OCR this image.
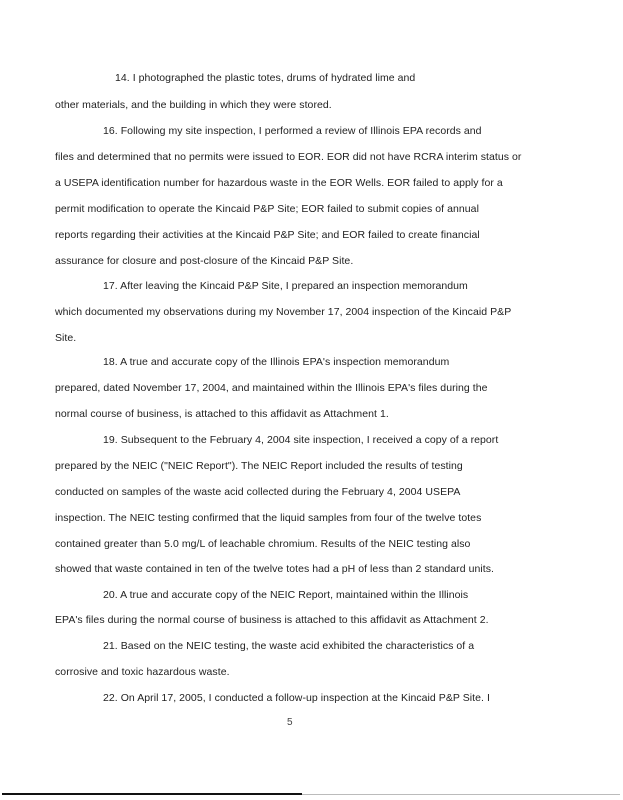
14. I photographed the plastic totes, drums of hydrated lime and
other materials, and the building in which they were stored.
16. Following my site inspection, I performed a review of Illinois EPA records and
files and determined that no permits were issued to EOR. EOR did not have RCRA interim status or
a USEPA identification number for hazardous waste in the EOR Wells. EOR failed to apply for a
permit modification to operate the Kincaid P&P Site; EOR failed to submit copies of annual
reports regarding their activities at the Kincaid P&P Site; and EOR failed to create financial
assurance for closure and post-closure of the Kincaid P&P Site.
17. After leaving the Kincaid P&P Site, I prepared an inspection memorandum
which documented my observations during my November 17, 2004 inspection of the Kincaid P&P
Site.
18. A true and accurate copy of the Illinois EPA's inspection memorandum
prepared, dated November 17, 2004, and maintained within the Illinois EPA's files during the
normal course of business, is attached to this affidavit as Attachment 1.
19. Subsequent to the February 4, 2004 site inspection, I received a copy of a report
prepared by the NEIC ("NEIC Report"). The NEIC Report included the results of testing
conducted on samples of the waste acid collected during the February 4, 2004 USEPA
inspection. The NEIC testing confirmed that the liquid samples from four of the twelve totes
contained greater than 5.0 mg/L of leachable chromium. Results of the NEIC testing also
showed that waste contained in ten of the twelve totes had a pH of less than 2 standard units.
20. A true and accurate copy of the NEIC Report, maintained within the Illinois
EPA's files during the normal course of business is attached to this affidavit as Attachment 2.
21. Based on the NEIC testing, the waste acid exhibited the characteristics of a
corrosive and toxic hazardous waste.
22. On April 17, 2005, I conducted a follow-up inspection at the Kincaid P&P Site. I
5
